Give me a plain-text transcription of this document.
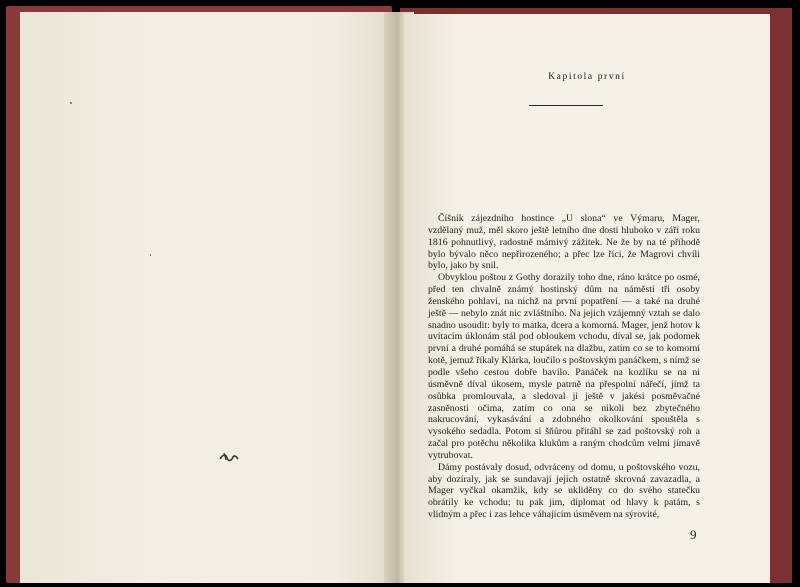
Kapitola první

Číšník zájezdního hostince „U slona“ ve Výmaru, Mager, vzdělaný muž, měl skoro ještě letního dne dosti hluboko v září roku 1816 pohnutlivý, radostně mámivý zážitek. Ne že by na té příhodě bylo bývalo něco nepřirozeného; a přec lze říci, že Magrovi chvíli bylo, jako by snil.

Obvyklou poštou z Gothy dorazily toho dne, ráno krátce po osmé, před ten chvalně známý hostinský dům na náměstí tři osoby ženského pohlaví, na nichž na první popatření — a také na druhé ještě — nebylo znát nic zvláštního. Na jejich vzájemný vztah se dalo snadno usoudit: byly to matka, dcera a komorná. Mager, jenž hotov k uvítacím úklonám stál pod obloukem vchodu, díval se, jak podomek první a druhé pomáhá se stupátek na dlažbu, zatím co se to komorní kotě, jemuž říkaly Klárka, loučilo s poštovským panáčkem, s nímž se podle všeho cestou dobře bavilo. Panáček na kozlíku se na ni úsměvně díval úkosem, mysle patrně na přespolní nářečí, jímž ta osůbka promlouvala, a sledoval ji ještě v jakési posměvačné zasněnosti očima, zatím co ona se nikoli bez zbytečného nakrucování, vykasávání a zdobného okolkování spouštěla s vysokého sedadla. Potom si šňůrou přitáhl se zad poštovský roh a začal pro potěchu několika klukům a raným chodcům velmi jímavě vytrubovat.

Dámy postávaly dosud, odvráceny od domu, u poštovského vozu, aby dozíraly, jak se sundavají jejich ostatně skrovná zavazadla, a Mager vyčkal okamžik, kdy se ukliděny co do svého statečku obrátily ke vchodu; tu pak jim, diplomat od hlavy k patám, s vlídným a přec i zas lehce váhajícím úsměvem na sýrovité,

9
